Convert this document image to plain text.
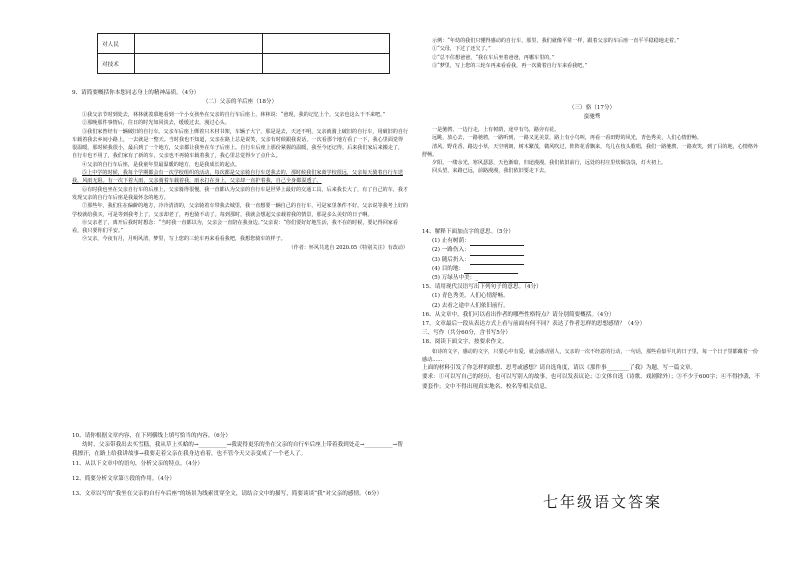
对人民		
对技术		

9、请简要概括你本您同志身上的精神品质。（4分）

（二）父亲的羊后座（18分）

①我父亲节时到处去，林林就羡慕地看到一个小女孩坐在父亲的自行车后座上，林林说：“爸现，我的记忆上个，父亲也这么干不来吧。”

②那晚那件事情后，往日的时光如同淡去，缓缓过去，漫过心头。

③我们家曾经有一辆破旧的自行车。父亲车后座上绑着只木材书架，车辆子大宁，那是是去，天还不明，父亲就骑上破旧的自行车，用破旧的自行车载着我去乡间小路上，一去就是一整天。当时我也不知道，父亲在路上总是说笑，父亲有时候跟我说话，一次看那个地方看了一下，我心里面觉得很温暖，那时候我很小，最后到了一个地方，父亲都让我坐在车子后座上。自行车后座上那份紧握的温暖，我至今还记得。后来我们家后来搬走了，自行车也不用了，我们家有了新的车，父亲也不再骑车载着我了，我心里总觉得少了点什么。

④父亲的自行车后座，是我童年里最温暖的地方，也是我成长的起点。

⑤上中学的时候，我每个学期都会有一次学校组织的活动，每次都是父亲骑自行车送我去的，那时候我们家离学校很远，父亲每天骑着自行车送我，风雨无阻。有一次下着大雨，父亲骑着车载着我，雨水打在身上，父亲却一直护着我，自己全身都湿透了。

⑥有时我也坐在父亲自行车的后座上，父亲骑得很慢，我一直都认为父亲的自行车是世界上最好的交通工具，后来我长大了，有了自己的车，我才发现父亲的自行车后座是我最怀念的地方。

⑦那些年，我们住在偏僻的地方，冷冷清清的，父亲骑着车带我去城里，我一直想要一辆自己的自行车，可是家里条件不好。父亲说等我考上好的学校就给我买，可是等到我考上了，父亲却老了，再也骑不动了。每到那时，我就会想起父亲载着我的情景，那是多么美好的日子啊。

⑧父亲老了，离开后我时时想念：“当时我一直都以为，父亲会一直陪在我身边。”父亲说：“你们要好好地生活，我不在的时候，要记得回家看看，我只要你们平安。”

⑨父亲，今夜有月，月明风清，梦里，写上您的三轮车再来看看我吧，我想您骑车的样子。

（作者：怀风共选自 2020.05《特别关注》有改动）

10、请你根据文章内容，在下列横线上填写恰当的内容。（6分）

幼时，父亲带我出去买雪糕，我从草上买蛤的→__________→我说得更乐的坐在父亲的自行车后座上带着我到处走→__________→帮我擦汗，在路上给我讲故事→我要走着父亲在我身边看着，也不管今天父亲变成了一个老人了。

11、从以下文章中的语句，分析父亲的特点。（4分）

12、简要分析文章第⑤段的作用。（4分）

13、文章以写的“我坐在父亲的自行车后座”的场景为线索贯穿全文，请结合文中的描写，简要谈谈“我”对父亲的感情。（6分）

示例：“年幼的我们只懂得感动的自行车，那里，我们就像平常一样，跟着父亲的车后座一直平平稳稳地走着。”

①“父母，下过了还欠了。”

②“总不住想爸爸，“我在车后坐着爸爸，再哪车里的。”

③“梦里，写上您的三轮车再来看看我，再一次骑着自行车来看我吧。”

（三）骆（17分）

蛮驰骛

一是驰骋，一边行走，上有树荫，途中有鸟，路旁有花。

远眺，放心去，一路驰骋，一路听到，一路又见美景，路上有小鸟叫，再看一看田野的风光，青色秀美，人们心情舒畅。

清风，野花香，路边小草，天空明朗，树木繁茂，微风吹过，阵阵花香飘来，鸟儿在枝头歌唱，我们一路驰骋，一路欢笑，到了目的地，心情格外舒畅。

夕阳，一缕余光，寒风瑟瑟，天色渐暗，归途漫漫，我们依旧前行，远处的村庄里炊烟袅袅，灯火初上。

回头望，来路已远，前路漫漫，我们依旧要走下去。

14、解释下面加点字的意思。（5分）

(1) 止有树荫：

(2) 一路伤入：

(3) 随后扔入：

(4) 目的地：

(5) 万绿丛中美：_

15、请用现代汉语写出下列句子的意思。（4分）

(1) 青色秀美，人们心情舒畅。

(2) 去看之途中人们依旧前行。

16、从文章中，我们可以看出作者的哪些性格特点？请分别简要概括。（4分）

17、文章最后一段从表达方式上看与前面有何不同？表达了作者怎样的思想感情？（4分）

三、写作（共分60分，含书写5分）

18、阅读下面文字，按要求作文。

如诗的文字，感动的文字，只要心中有爱，就会感动别人，父亲的一次不经意的行动，一句话，那些看似平凡的日子里，每一个日子里都藏着一份感动……

上面的材料引发了你怎样的联想、思考或感想？请自选角度，请以《那件事________了我》为题，写一篇文章。

要求：①可以写自己的经历，也可以写别人的故事，也可以发表议论；②文体自选（诗歌、戏剧除外）；③不少于600字；④不得抄袭，不要套作；文中不得出现真实地名、校名等相关信息。

七年级语文答案
